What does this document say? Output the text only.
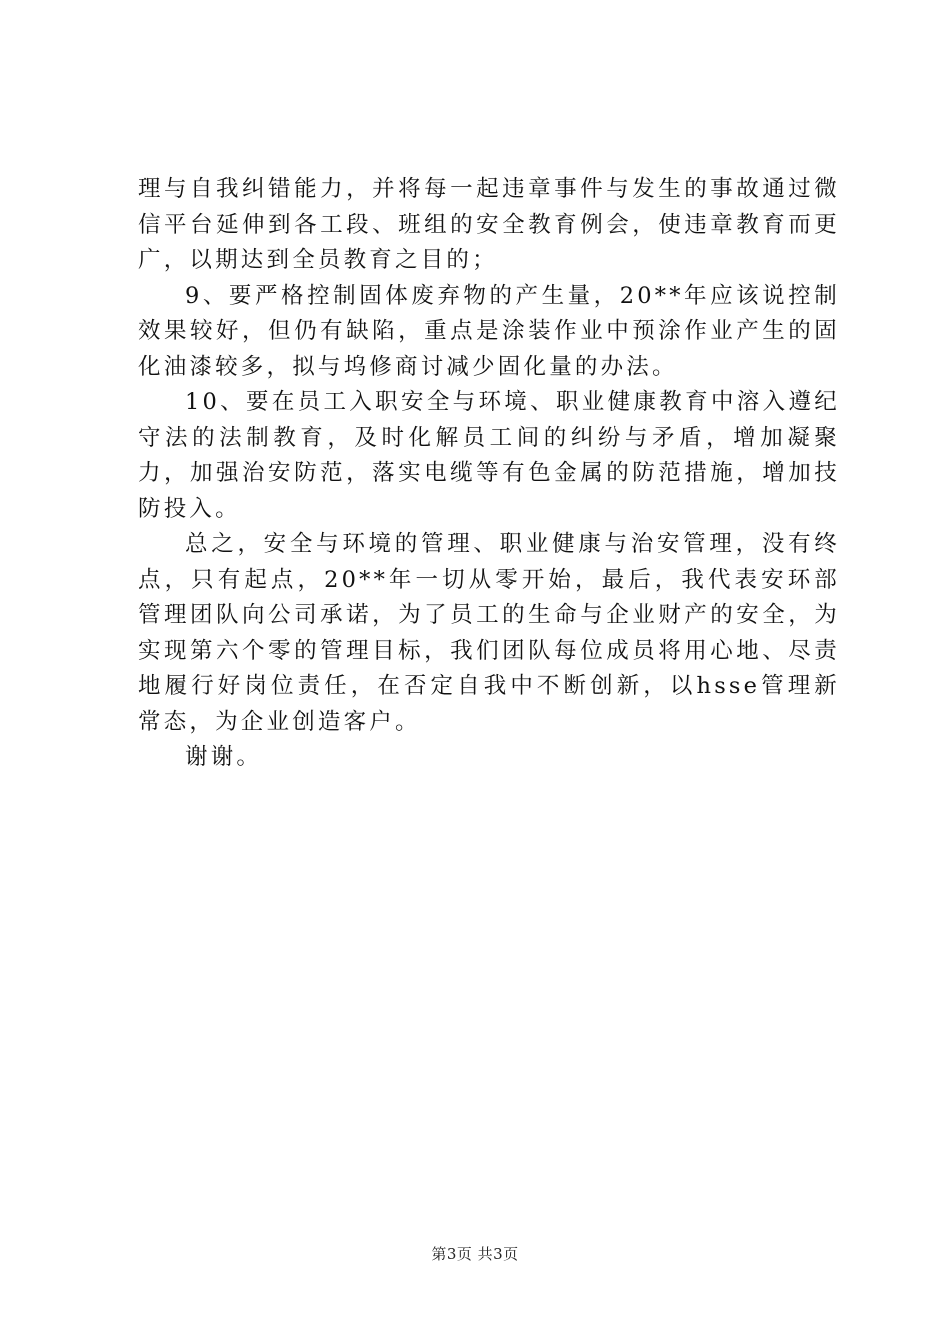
理与自我纠错能力，并将每一起违章事件与发生的事故通过微信平台延伸到各工段、班组的安全教育例会，使违章教育而更广，以期达到全员教育之目的；

9、要严格控制固体废弃物的产生量，20**年应该说控制效果较好，但仍有缺陷，重点是涂装作业中预涂作业产生的固化油漆较多，拟与坞修商讨减少固化量的办法。

10、要在员工入职安全与环境、职业健康教育中溶入遵纪守法的法制教育，及时化解员工间的纠纷与矛盾，增加凝聚力，加强治安防范，落实电缆等有色金属的防范措施，增加技防投入。

总之，安全与环境的管理、职业健康与治安管理，没有终点，只有起点，20**年一切从零开始，最后，我代表安环部管理团队向公司承诺，为了员工的生命与企业财产的安全，为实现第六个零的管理目标，我们团队每位成员将用心地、尽责地履行好岗位责任，在否定自我中不断创新，以hsse管理新常态，为企业创造客户。

谢谢。

第3页 共3页
